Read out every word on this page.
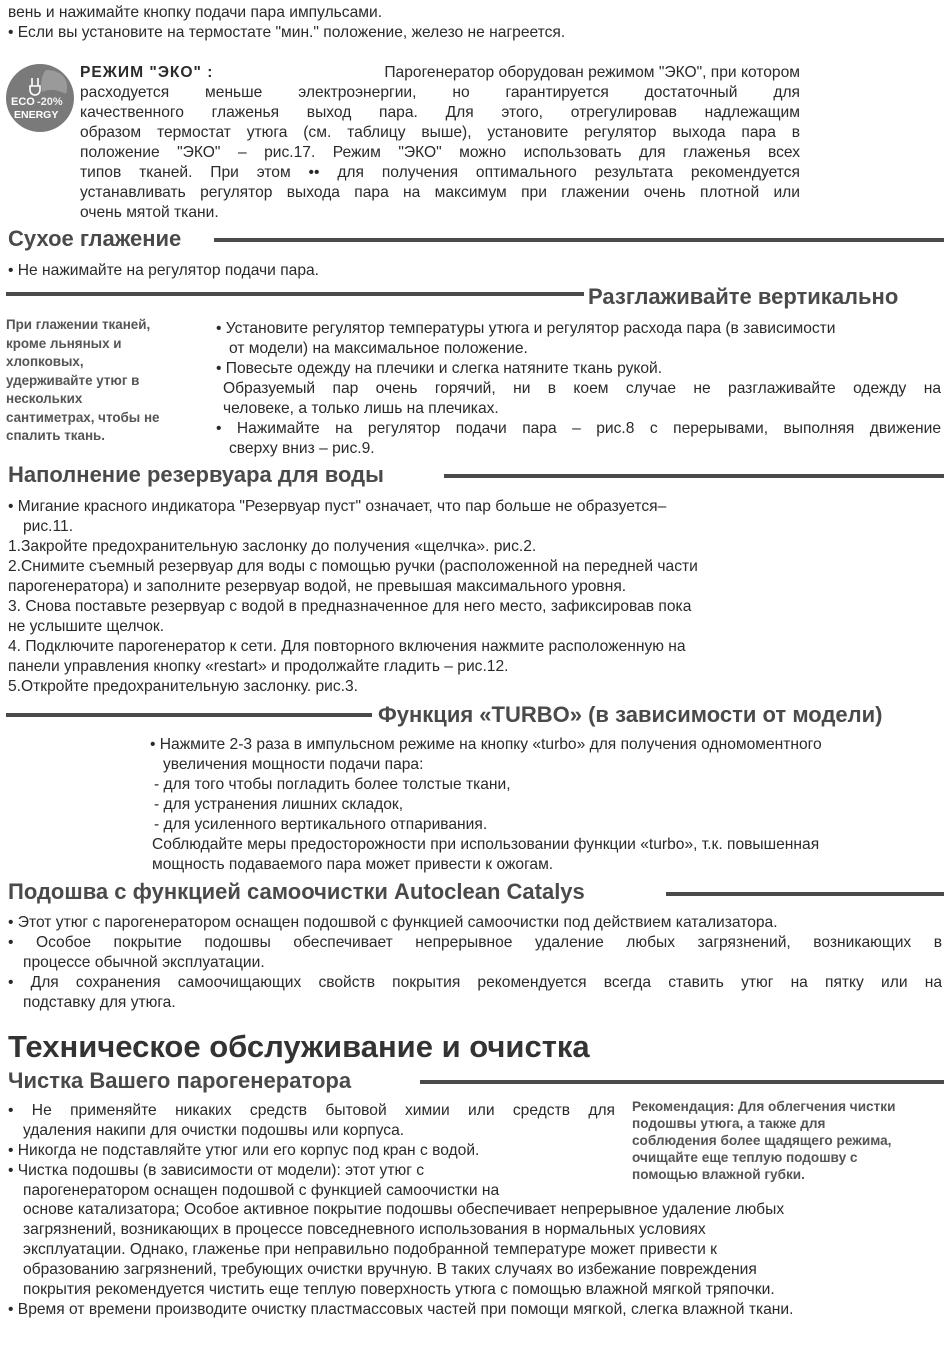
вень и нажимайте кнопку подачи пара импульсами.
• Если вы установите на термостате "мин." положение, железо не нагреется.
ECO -20%
ENERGY
РЕЖИМ "ЭКО" :	Парогенератор оборудован режимом "ЭКО", при котором
расходуется меньше электроэнергии, но гарантируется достаточный для
качественного глаженья выход пара. Для этого, отрегулировав надлежащим
образом термостат утюга (см. таблицу выше), установите регулятор выхода пара в
положение "ЭКО" – рис.17. Режим "ЭКО" можно использовать для глаженья всех
типов тканей. При этом •• для получения оптимального результата рекомендуется
устанавливать регулятор выхода пара на максимум при глажении очень плотной или
очень мятой ткани.
Сухое глажение
• Не нажимайте на регулятор подачи пара.
Разглаживайте вертикально
При глажении тканей,
кроме льняных и
хлопковых,
удерживайте утюг в
нескольких
сантиметрах, чтобы не
спалить ткань.
• Установите регулятор температуры утюга и регулятор расхода пара (в зависимости
от модели) на максимальное положение.
• Повесьте одежду на плечики и слегка натяните ткань рукой.
Образуемый пар очень горячий, ни в коем случае не разглаживайте одежду на
человеке, а только лишь на плечиках.
• Нажимайте на регулятор подачи пара – рис.8 с перерывами, выполняя движение
сверху вниз – рис.9.
Наполнение резервуара для воды
• Мигание красного индикатора "Резервуар пуст" означает, что пар больше не образуется–
рис.11.
1.Закройте предохранительную заслонку до получения «щелчка». рис.2.
2.Снимите съемный резервуар для воды с помощью ручки (расположенной на передней части
парогенератора) и заполните резервуар водой, не превышая максимального уровня.
3. Снова поставьте резервуар с водой в предназначенное для него место, зафиксировав пока
не услышите щелчок.
4. Подключите парогенератор к сети. Для повторного включения нажмите расположенную на
панели управления кнопку «restart» и продолжайте гладить – рис.12.
5.Откройте предохранительную заслонку. рис.3.
Функция «TURBO» (в зависимости от модели)
• Нажмите 2-3 раза в импульсном режиме на кнопку «turbo» для получения одномоментного
увеличения мощности подачи пара:
- для того чтобы погладить более толстые ткани,
- для устранения лишних складок,
- для усиленного вертикального отпаривания.
Соблюдайте меры предосторожности при использовании функции «turbo», т.к. повышенная
мощность подаваемого пара может привести к ожогам.
Подошва с функцией самоочистки Autoclean Catalys
• Этот утюг с парогенератором оснащен подошвой с функцией самоочистки под действием катализатора.
• Особое покрытие подошвы обеспечивает непрерывное удаление любых загрязнений, возникающих в
процессе обычной эксплуатации.
• Для сохранения самоочищающих свойств покрытия рекомендуется всегда ставить утюг на пятку или на
подставку для утюга.
Техническое обслуживание и очистка
Чистка Вашего парогенератора
Рекомендация: Для облегчения чистки
подошвы утюга, а также для
соблюдения более щадящего режима,
очищайте еще теплую подошву с
помощью влажной губки.
• Не применяйте никаких средств бытовой химии или средств для
удаления накипи для очистки подошвы или корпуса.
• Никогда не подставляйте утюг или его корпус под кран с водой.
• Чистка подошвы (в зависимости от модели): этот утюг с
парогенератором оснащен подошвой с функцией самоочистки на
основе катализатора; Особое активное покрытие подошвы обеспечивает непрерывное удаление любых
загрязнений, возникающих в процессе повседневного использования в нормальных условиях
эксплуатации. Однако, глаженье при неправильно подобранной температуре может привести к
образованию загрязнений, требующих очистки вручную. В таких случаях во избежание повреждения
покрытия рекомендуется чистить еще теплую поверхность утюга с помощью влажной мягкой тряпочки.
• Время от времени производите очистку пластмассовых частей при помощи мягкой, слегка влажной ткани.
